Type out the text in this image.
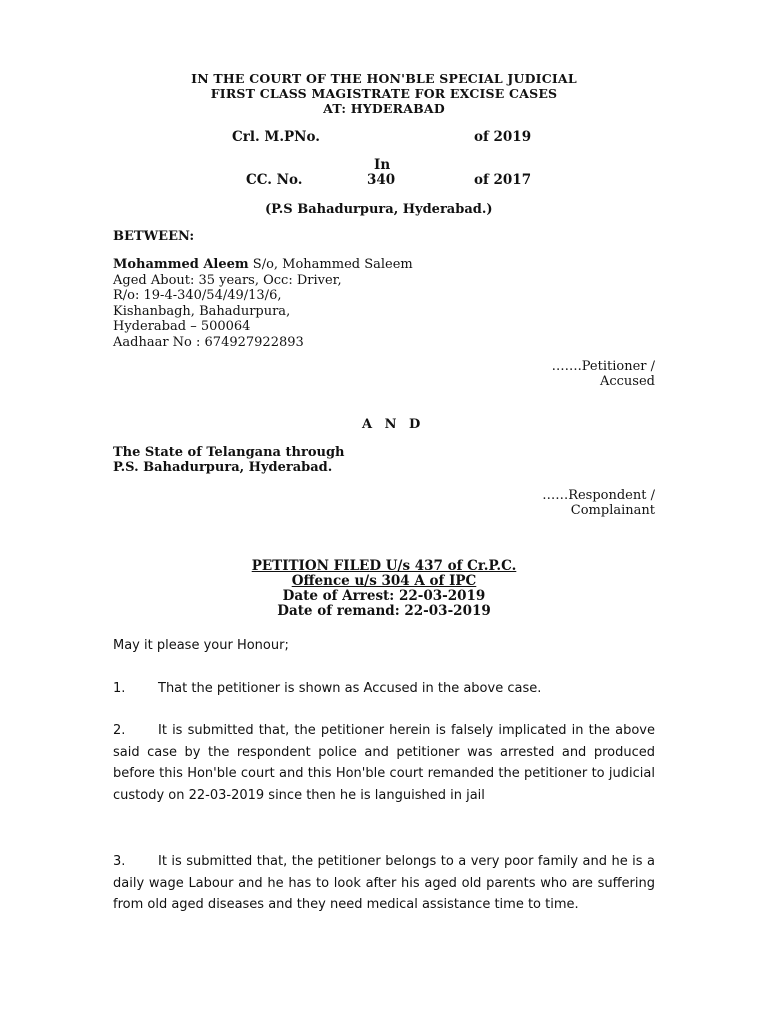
IN THE COURT OF THE HON'BLE SPECIAL JUDICIAL
FIRST CLASS MAGISTRATE FOR EXCISE CASES
AT: HYDERABAD
Crl. M.PNo.	of 2019
In
CC. No.	340	of 2017
(P.S Bahadurpura, Hyderabad.)
BETWEEN:
Mohammed Aleem S/o, Mohammed Saleem
Aged About: 35 years, Occ: Driver,
R/o: 19-4-340/54/49/13/6,
Kishanbagh, Bahadurpura,
Hyderabad – 500064
Aadhaar No : 674927922893
…….Petitioner /
Accused
A N D
The State of Telangana through
P.S. Bahadurpura, Hyderabad.
……Respondent /
Complainant
PETITION FILED U/s 437 of Cr.P.C.
Offence u/s 304 A of IPC
Date of Arrest: 22-03-2019
Date of remand: 22-03-2019
May it please your Honour;
1.	That the petitioner is shown as Accused in the above case.
2.	It is submitted that, the petitioner herein is falsely implicated in the above said case by the respondent police and petitioner was arrested and produced before this Hon'ble court and this Hon'ble court remanded the petitioner to judicial custody on 22-03-2019 since then he is languished in jail
3.	It is submitted that, the petitioner belongs to a very poor family and he is a daily wage Labour and he has to look after his aged old parents who are suffering from old aged diseases and they need medical assistance time to time.
